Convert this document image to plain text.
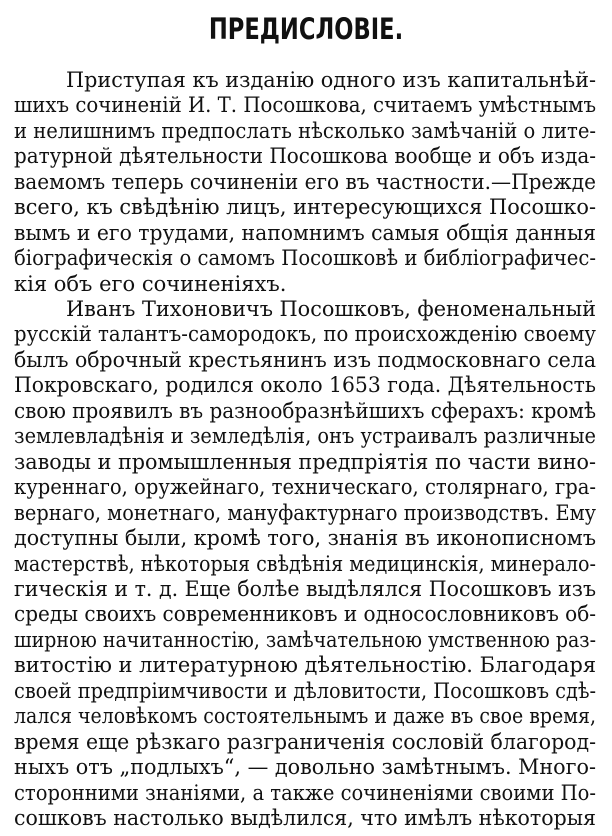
ПРЕДИСЛОВІЕ.
Приступая къ изданію одного изъ капитальнѣй-
шихъ сочиненій И. Т. Посошкова, считаемъ умѣстнымъ
и нелишнимъ предпослать нѣсколько замѣчаній о лите-
ратурной дѣятельности Посошкова вообще и объ изда-
ваемомъ теперь сочиненіи его въ частности.—Прежде
всего, къ свѣдѣнію лицъ, интересующихся Посошко-
вымъ и его трудами, напомнимъ самыя общія данныя
біографическія о самомъ Посошковѣ и библіографичес-
кія объ его сочиненіяхъ.
Иванъ Тихоновичъ Посошковъ, феноменальный
русскій талантъ-самородокъ, по происхожденію своему
былъ оброчный крестьянинъ изъ подмосковнаго села
Покровскаго, родился около 1653 года. Дѣятельность
свою проявилъ въ разнообразнѣйшихъ сферахъ: кромѣ
землевладѣнія и земледѣлія, онъ устраивалъ различные
заводы и промышленныя предпріятія по части вино-
куреннаго, оружейнаго, техническаго, столярнаго, гра-
вернаго, монетнаго, мануфактурнаго производствъ. Ему
доступны были, кромѣ того, знанія въ иконописномъ
мастерствѣ, нѣкоторыя свѣдѣнія медицинскія, минерало-
гическія и т. д. Еще болѣе выдѣлялся Посошковъ изъ
среды своихъ современниковъ и односословниковъ об-
ширною начитанностію, замѣчательною умственною раз-
витостію и литературною дѣятельностію. Благодаря
своей предпріимчивости и дѣловитости, Посошковъ сдѣ-
лался человѣкомъ состоятельнымъ и даже въ свое время,
время еще рѣзкаго разграниченія сословій благород-
ныхъ отъ „подлыхъ“, — довольно замѣтнымъ. Много-
сторонними знаніями, а также сочиненіями своими По-
сошковъ настолько выдѣлился, что имѣлъ нѣкоторыя
